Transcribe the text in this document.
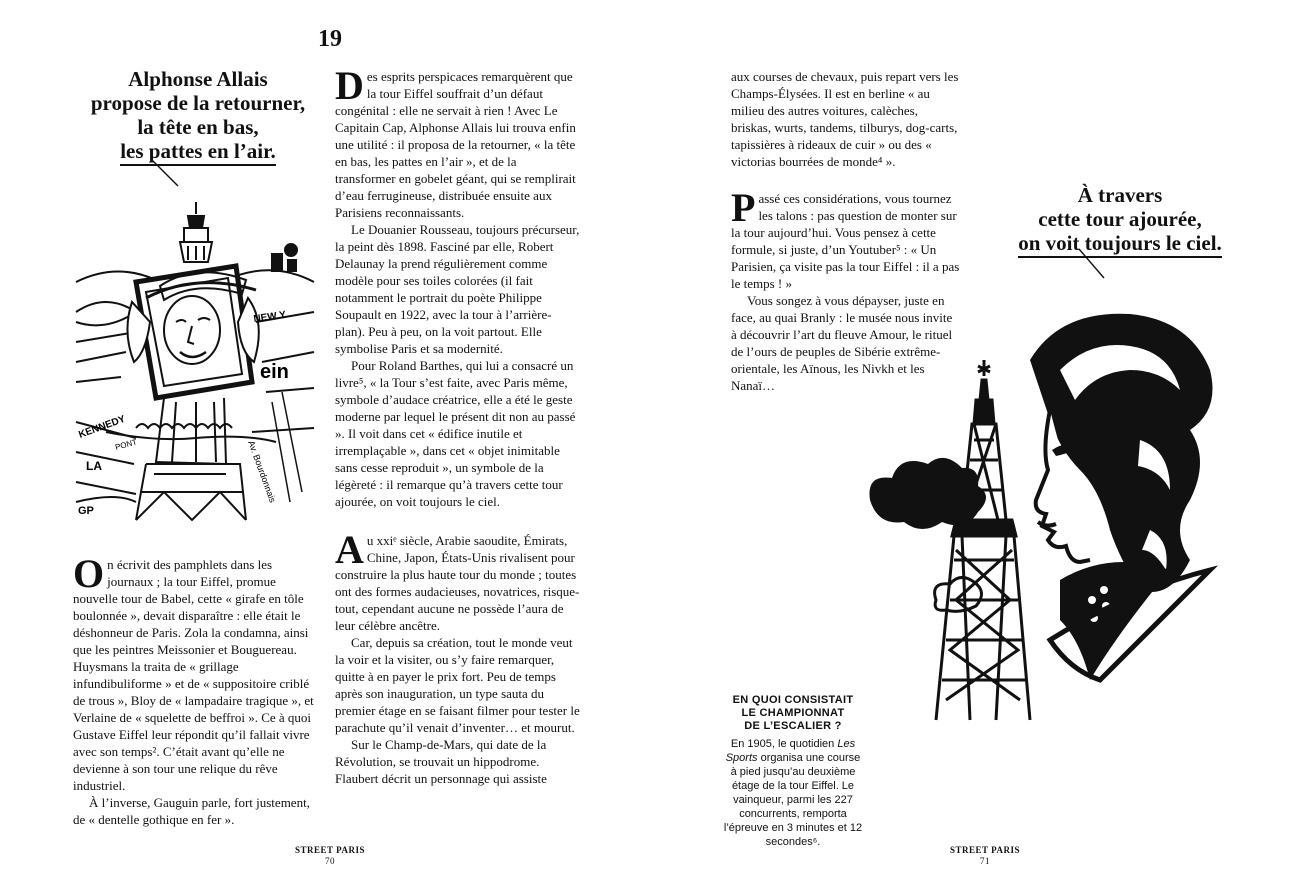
19
Alphonse Allais
propose de la retourner,
la tête en bas,
les pattes en l’air.
NEW Y
ein
KENNEDY
Av. Bourdonnais
LA
PONT
GP

Des esprits perspicaces remarquèrent que la tour Eiffel souffrait d’un défaut congénital : elle ne servait à rien ! Avec Le Capitain Cap, Alphonse Allais lui trouva enfin une utilité : il proposa de la retourner, « la tête en bas, les pattes en l’air », et de la transformer en gobelet géant, qui se remplirait d’eau ferrugineuse, distribuée ensuite aux Parisiens reconnaissants.

Le Douanier Rousseau, toujours précurseur, la peint dès 1898. Fasciné par elle, Robert Delaunay la prend régulièrement comme modèle pour ses toiles colorées (il fait notamment le portrait du poète Philippe Soupault en 1922, avec la tour à l’arrière-plan). Peu à peu, on la voit partout. Elle symbolise Paris et sa modernité.

Pour Roland Barthes, qui lui a consacré un livre⁵, « la Tour s’est faite, avec Paris même, symbole d’audace créatrice, elle a été le geste moderne par lequel le présent dit non au passé ». Il voit dans cet « édifice inutile et irremplaçable », dans cet « objet inimitable sans cesse reproduit », un symbole de la légèreté : il remarque qu’à travers cette tour ajourée, on voit toujours le ciel.

Au xxiᵉ siècle, Arabie saoudite, Émirats, Chine, Japon, États-Unis rivalisent pour construire la plus haute tour du monde ; toutes ont des formes audacieuses, novatrices, risque-tout, cependant aucune ne possède l’aura de leur célèbre ancêtre.

Car, depuis sa création, tout le monde veut la voir et la visiter, ou s’y faire remarquer, quitte à en payer le prix fort. Peu de temps après son inauguration, un type sauta du premier étage en se faisant filmer pour tester le parachute qu’il venait d’inventer… et mourut.

Sur le Champ-de-Mars, qui date de la Révolution, se trouvait un hippodrome. Flaubert décrit un personnage qui assiste

On écrivit des pamphlets dans les journaux ; la tour Eiffel, promue nouvelle tour de Babel, cette « girafe en tôle boulonnée », devait disparaître : elle était le déshonneur de Paris. Zola la condamna, ainsi que les peintres Meissonier et Bouguereau. Huysmans la traita de « grillage infundibuliforme » et de « suppositoire criblé de trous », Bloy de « lampadaire tragique », et Verlaine de « squelette de beffroi ». Ce à quoi Gustave Eiffel leur répondit qu’il fallait vivre avec son temps². C’était avant qu’elle ne devienne à son tour une relique du rêve industriel.

À l’inverse, Gauguin parle, fort justement, de « dentelle gothique en fer ».

STREET PARIS
70

aux courses de chevaux, puis repart vers les Champs-Élysées. Il est en berline « au milieu des autres voitures, calèches, briskas, wurts, tandems, tilburys, dog-carts, tapissières à rideaux de cuir » ou des « victorias bourrées de monde⁴ ».

Passé ces considérations, vous tournez les talons : pas question de monter sur la tour aujourd’hui. Vous pensez à cette formule, si juste, d’un Youtuber⁵ : « Un Parisien, ça visite pas la tour Eiffel : il a pas le temps ! »

Vous songez à vous dépayser, juste en face, au quai Branly : le musée nous invite à découvrir l’art du fleuve Amour, le rituel de l’ours de peuples de Sibérie extrême-orientale, les Aïnous, les Nivkh et les Nanaï…

À travers
cette tour ajourée,
on voit toujours le ciel.
EN QUOI CONSISTAIT
LE CHAMPIONNAT
DE L’ESCALIER ?
En 1905, le quotidien Les Sports organisa une course à pied jusqu’au deuxième étage de la tour Eiffel. Le vainqueur, parmi les 227 concurrents, remporta l’épreuve en 3 minutes et 12 secondes⁶.
STREET PARIS
71
